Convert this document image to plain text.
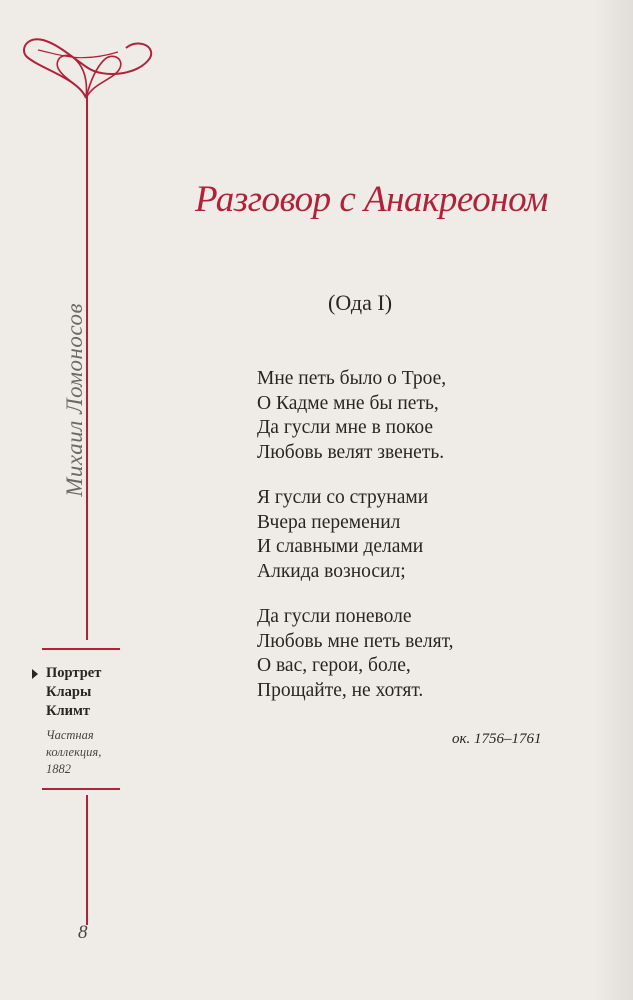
Михаил Ломоносов
Портрет
Клары
Климт
Частная
коллекция,
1882
8
Разговор с Анакреоном
(Ода I)
Мне петь было о Трое,
О Кадме мне бы петь,
Да гусли мне в покое
Любовь велят звенеть.
Я гусли со струнами
Вчера переменил
И славными делами
Алкида возносил;
Да гусли поневоле
Любовь мне петь велят,
О вас, герои, боле,
Прощайте, не хотят.
ок. 1756–1761
